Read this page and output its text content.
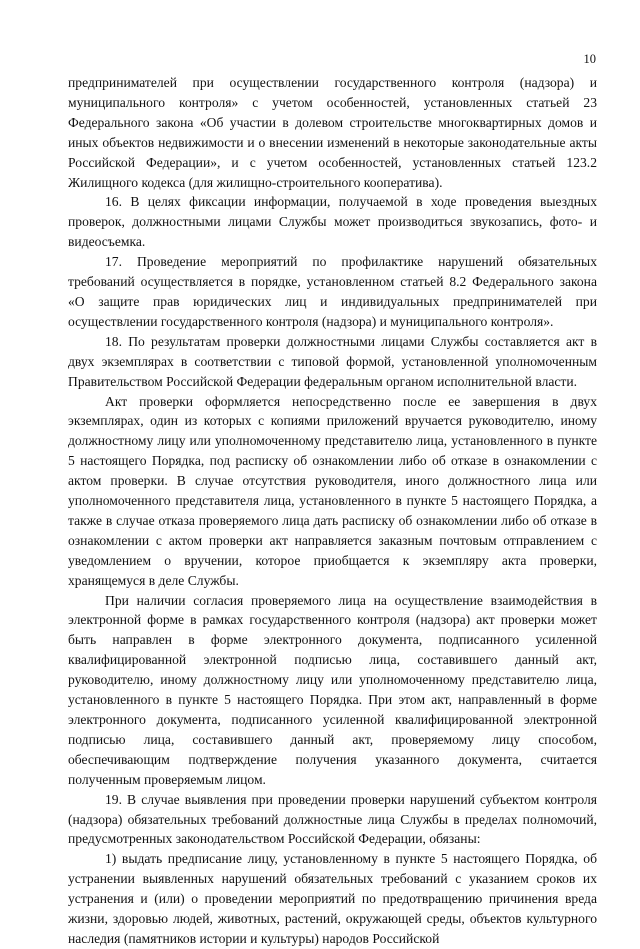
10

предпринимателей при осуществлении государственного контроля (надзора) и муниципального контроля» с учетом особенностей, установленных статьей 23 Федерального закона «Об участии в долевом строительстве многоквартирных домов и иных объектов недвижимости и о внесении изменений в некоторые законодательные акты Российской Федерации», и с учетом особенностей, установленных статьей 123.2 Жилищного кодекса (для жилищно-строительного кооператива).

16. В целях фиксации информации, получаемой в ходе проведения выездных проверок, должностными лицами Службы может производиться звукозапись, фото- и видеосъемка.

17. Проведение мероприятий по профилактике нарушений обязательных требований осуществляется в порядке, установленном статьей 8.2 Федерального закона «О защите прав юридических лиц и индивидуальных предпринимателей при осуществлении государственного контроля (надзора) и муниципального контроля».

18. По результатам проверки должностными лицами Службы составляется акт в двух экземплярах в соответствии с типовой формой, установленной уполномоченным Правительством Российской Федерации федеральным органом исполнительной власти.

Акт проверки оформляется непосредственно после ее завершения в двух экземплярах, один из которых с копиями приложений вручается руководителю, иному должностному лицу или уполномоченному представителю лица, установленного в пункте 5 настоящего Порядка, под расписку об ознакомлении либо об отказе в ознакомлении с актом проверки. В случае отсутствия руководителя, иного должностного лица или уполномоченного представителя лица, установленного в пункте 5 настоящего Порядка, а также в случае отказа проверяемого лица дать расписку об ознакомлении либо об отказе в ознакомлении с актом проверки акт направляется заказным почтовым отправлением с уведомлением о вручении, которое приобщается к экземпляру акта проверки, хранящемуся в деле Службы.

При наличии согласия проверяемого лица на осуществление взаимодействия в электронной форме в рамках государственного контроля (надзора) акт проверки может быть направлен в форме электронного документа, подписанного усиленной квалифицированной электронной подписью лица, составившего данный акт, руководителю, иному должностному лицу или уполномоченному представителю лица, установленного в пункте 5 настоящего Порядка. При этом акт, направленный в форме электронного документа, подписанного усиленной квалифицированной электронной подписью лица, составившего данный акт, проверяемому лицу способом, обеспечивающим подтверждение получения указанного документа, считается полученным проверяемым лицом.

19. В случае выявления при проведении проверки нарушений субъектом контроля (надзора) обязательных требований должностные лица Службы в пределах полномочий, предусмотренных законодательством Российской Федерации, обязаны:

1) выдать предписание лицу, установленному в пункте 5 настоящего Порядка, об устранении выявленных нарушений обязательных требований с указанием сроков их устранения и (или) о проведении мероприятий по предотвращению причинения вреда жизни, здоровью людей, животных, растений, окружающей среды, объектов культурного наследия (памятников истории и культуры) народов Российской
